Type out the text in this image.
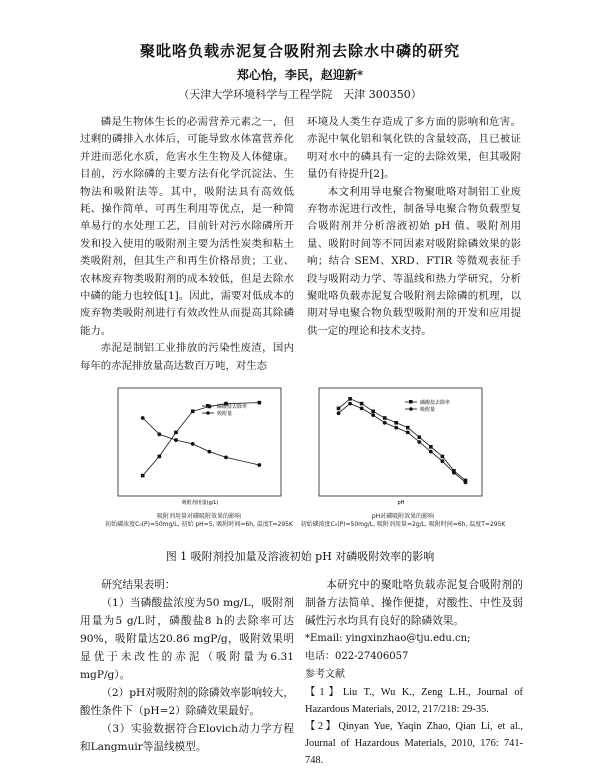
聚吡咯负载赤泥复合吸附剂去除水中磷的研究
郑心怡，李民，赵迎新*
（天津大学环境科学与工程学院　天津 300350）

磷是生物体生长的必需营养元素之一，但过剩的磷排入水体后，可能导致水体富营养化并进而恶化水质，危害水生生物及人体健康。目前，污水除磷的主要方法有化学沉淀法、生物法和吸附法等。其中，吸附法具有高效低耗、操作简单、可再生利用等优点，是一种简单易行的水处理工艺，目前针对污水除磷所开发和投入使用的吸附剂主要为活性炭类和粘土类吸附剂，但其生产和再生价格昂贵；工业、农林废弃物类吸附剂的成本较低，但是去除水中磷的能力也较低[1]。因此，需要对低成本的废弃物类吸附剂进行有效改性从而提高其除磷能力。

赤泥是制铝工业排放的污染性废渣，国内每年的赤泥排放量高达数百万吨，对生态

环境及人类生存造成了多方面的影响和危害。赤泥中氧化铝和氧化铁的含量较高，且已被证明对水中的磷具有一定的去除效果，但其吸附量仍有待提升[2]。

本文利用导电聚合物聚吡咯对制铝工业废弃物赤泥进行改性，制备导电聚合物负载型复合吸附剂并分析溶液初始 pH 值、吸附剂用量、吸附时间等不同因素对吸附除磷效果的影响；结合 SEM、XRD、FTIR 等微观表征手段与吸附动力学、等温线和热力学研究，分析聚吡咯负载赤泥复合吸附剂去除磷的机理，以期对导电聚合物负载型吸附剂的开发和应用提供一定的理论和技术支持。

磷酸盐去除率
吸附量
吸附剂用量(g/L)
吸附剂用量对磷吸附效果的影响
初始磷浓度C₀(P)=50mg/L, 初始 pH=5, 吸附时间=6h, 温度T=295K
磷酸盐去除率
吸附量
pH
pH对磷吸附效果的影响
初始磷浓度C₀(P)=50mg/L, 吸附剂用量=2g/L, 吸附时间=6h, 温度T=295K
图 1 吸附剂投加量及溶液初始 pH 对磷吸附效率的影响

研究结果表明：

（1）当磷酸盐浓度为50 mg/L，吸附剂用量为5 g/L时，磷酸盐8 h的去除率可达90%，吸附量达20.86 mgP/g，吸附效果明显优于未改性的赤泥（吸附量为6.31 mgP/g）。

（2）pH对吸附剂的除磷效率影响较大，酸性条件下（pH=2）除磷效果最好。

（3）实验数据符合Elovich动力学方程和Langmuir等温线模型。

本研究中的聚吡咯负载赤泥复合吸附剂的制备方法简单、操作便捷，对酸性、中性及弱碱性污水均具有良好的除磷效果。

*Email: yingxinzhao@tju.edu.cn;

电话：022-27406057

参考文献

【1】Liu T., Wu K., Zeng L.H., Journal of Hazardous Materials, 2012, 217/218: 29-35.

【2】Qinyan Yue, Yaqin Zhao, Qian Li, et al., Journal of Hazardous Materials, 2010, 176: 741-748.
